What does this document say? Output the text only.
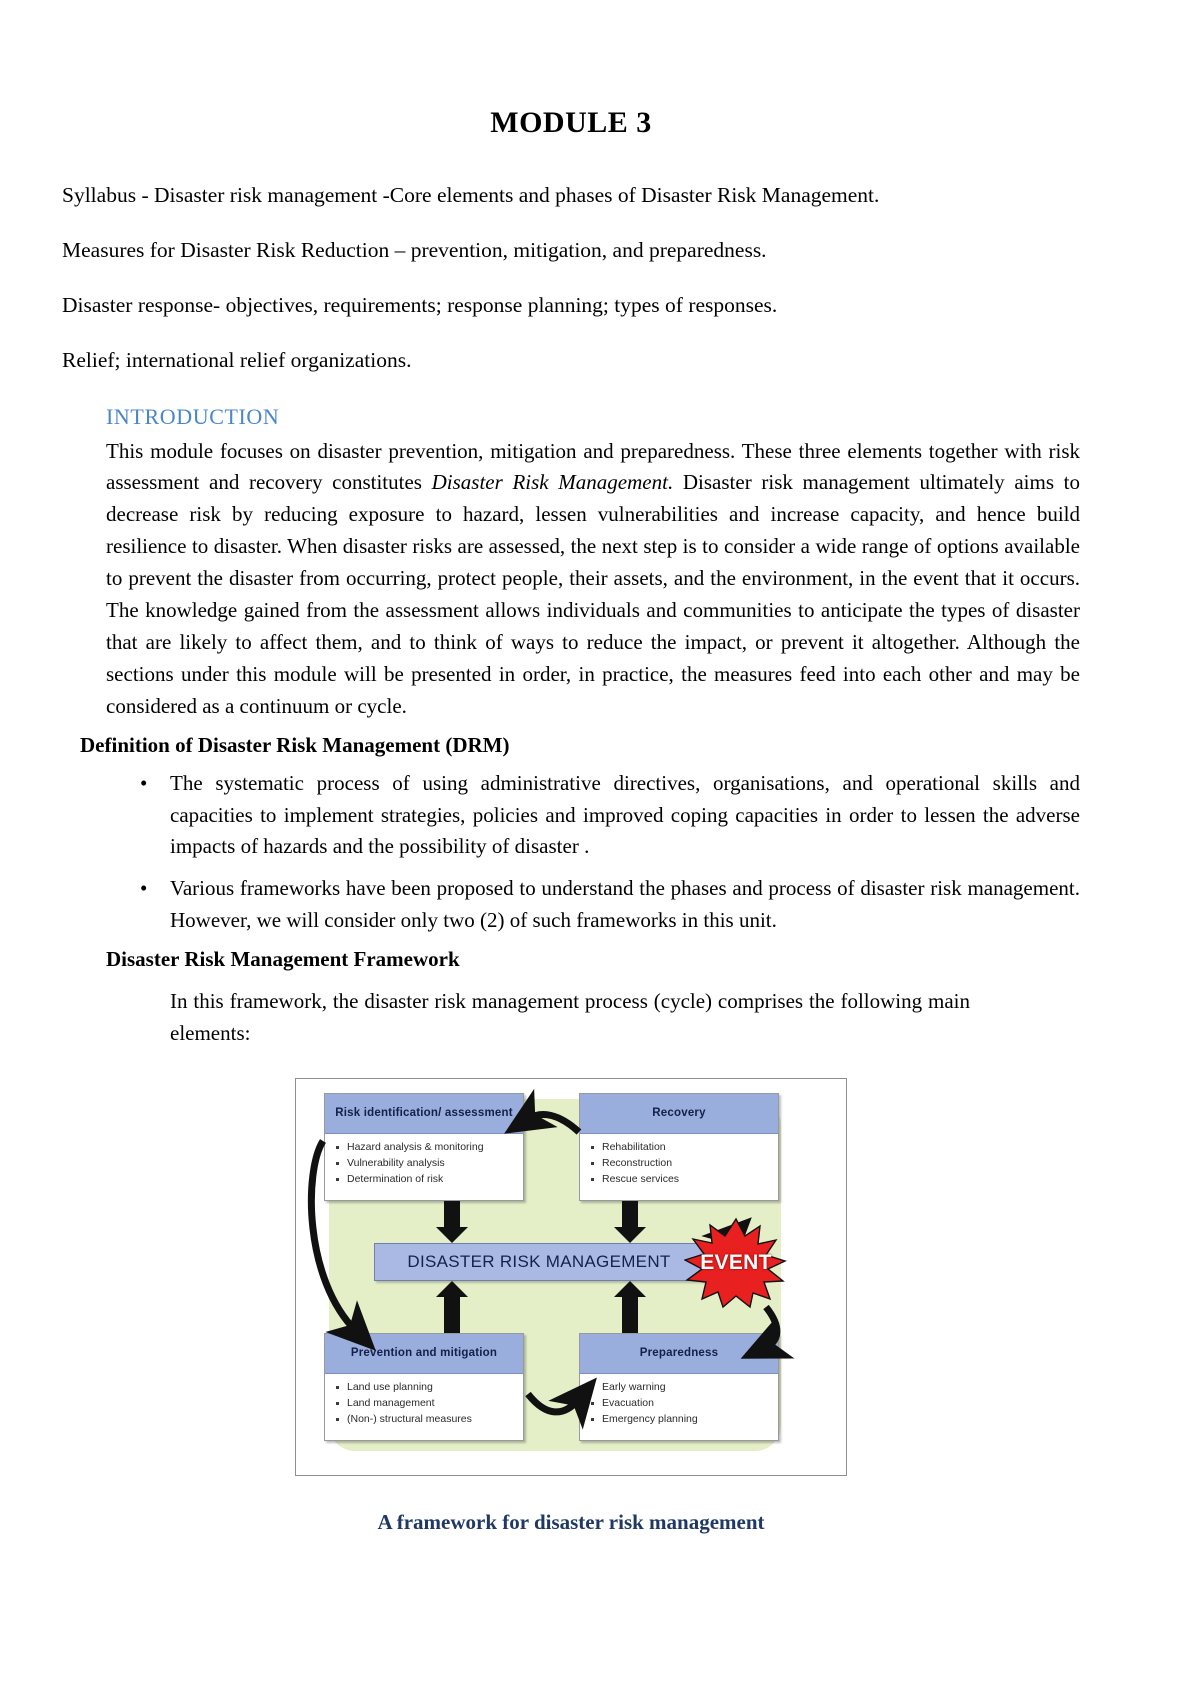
MODULE 3

Syllabus - Disaster risk management -Core elements and phases of Disaster Risk Management.

Measures for Disaster Risk Reduction – prevention, mitigation, and preparedness.

Disaster response- objectives, requirements; response planning; types of responses.

Relief; international relief organizations.

INTRODUCTION

This module focuses on disaster prevention, mitigation and preparedness. These three elements together with risk assessment and recovery constitutes Disaster Risk Management. Disaster risk management ultimately aims to decrease risk by reducing exposure to hazard, lessen vulnerabilities and increase capacity, and hence build resilience to disaster. When disaster risks are assessed, the next step is to consider a wide range of options available to prevent the disaster from occurring, protect people, their assets, and the environment, in the event that it occurs. The knowledge gained from the assessment allows individuals and communities to anticipate the types of disaster that are likely to affect them, and to think of ways to reduce the impact, or prevent it altogether. Although the sections under this module will be presented in order, in practice, the measures feed into each other and may be considered as a continuum or cycle.

Definition of Disaster Risk Management (DRM)
• The systematic process of using administrative directives, organisations, and operational skills and capacities to implement strategies, policies and improved coping capacities in order to lessen the adverse impacts of hazards and the possibility of disaster .
• Various frameworks have been proposed to understand the phases and process of disaster risk management. However, we will consider only two (2) of such frameworks in this unit.
Disaster Risk Management Framework

In this framework, the disaster risk management process (cycle) comprises the following main elements:

Risk identification/ assessment
Hazard analysis & monitoring
Vulnerability analysis
Determination of risk
Recovery
Rehabilitation
Reconstruction
Rescue services
Prevention and mitigation
Land use planning
Land management
(Non-) structural measures
Preparedness
Early warning
Evacuation
Emergency planning
DISASTER RISK MANAGEMENT	EVENT

A framework for disaster risk management
